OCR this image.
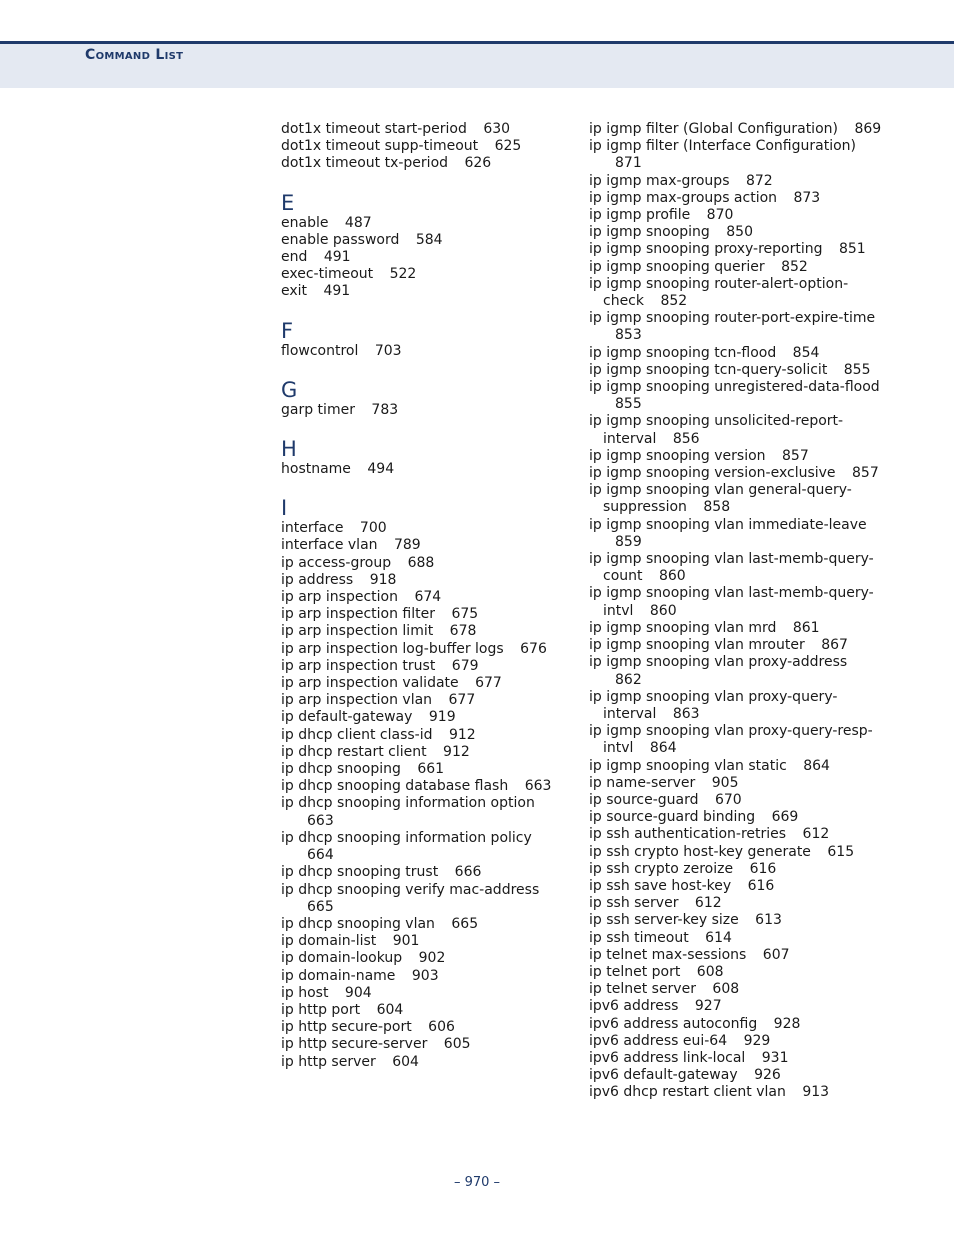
Command List
dot1x timeout start-period 630
dot1x timeout supp-timeout 625
dot1x timeout tx-period 626
E
enable 487
enable password 584
end 491
exec-timeout 522
exit 491
F
flowcontrol 703
G
garp timer 783
H
hostname 494
I
interface 700
interface vlan 789
ip access-group 688
ip address 918
ip arp inspection 674
ip arp inspection filter 675
ip arp inspection limit 678
ip arp inspection log-buffer logs 676
ip arp inspection trust 679
ip arp inspection validate 677
ip arp inspection vlan 677
ip default-gateway 919
ip dhcp client class-id 912
ip dhcp restart client 912
ip dhcp snooping 661
ip dhcp snooping database flash 663
ip dhcp snooping information option 663
ip dhcp snooping information policy 664
ip dhcp snooping trust 666
ip dhcp snooping verify mac-address 665
ip dhcp snooping vlan 665
ip domain-list 901
ip domain-lookup 902
ip domain-name 903
ip host 904
ip http port 604
ip http secure-port 606
ip http secure-server 605
ip http server 604
ip igmp filter (Global Configuration) 869
ip igmp filter (Interface Configuration) 871
ip igmp max-groups 872
ip igmp max-groups action 873
ip igmp profile 870
ip igmp snooping 850
ip igmp snooping proxy-reporting 851
ip igmp snooping querier 852
ip igmp snooping router-alert-option-check 852
ip igmp snooping router-port-expire-time 853
ip igmp snooping tcn-flood 854
ip igmp snooping tcn-query-solicit 855
ip igmp snooping unregistered-data-flood 855
ip igmp snooping unsolicited-report-interval 856
ip igmp snooping version 857
ip igmp snooping version-exclusive 857
ip igmp snooping vlan general-query-suppression 858
ip igmp snooping vlan immediate-leave 859
ip igmp snooping vlan last-memb-query-count 860
ip igmp snooping vlan last-memb-query-intvl 860
ip igmp snooping vlan mrd 861
ip igmp snooping vlan mrouter 867
ip igmp snooping vlan proxy-address 862
ip igmp snooping vlan proxy-query-interval 863
ip igmp snooping vlan proxy-query-resp-intvl 864
ip igmp snooping vlan static 864
ip name-server 905
ip source-guard 670
ip source-guard binding 669
ip ssh authentication-retries 612
ip ssh crypto host-key generate 615
ip ssh crypto zeroize 616
ip ssh save host-key 616
ip ssh server 612
ip ssh server-key size 613
ip ssh timeout 614
ip telnet max-sessions 607
ip telnet port 608
ip telnet server 608
ipv6 address 927
ipv6 address autoconfig 928
ipv6 address eui-64 929
ipv6 address link-local 931
ipv6 default-gateway 926
ipv6 dhcp restart client vlan 913
– 970 –
